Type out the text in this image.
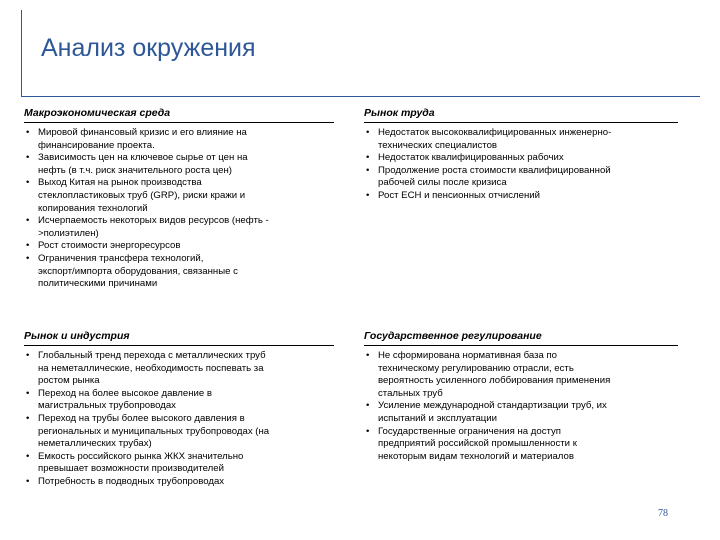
Анализ окружения
Макроэкономическая среда
• Мировой финансовый кризис и его влияние на
финансирование проекта.
• Зависимость цен на ключевое сырье от цен на
нефть (в т.ч. риск значительного роста цен)
• Выход Китая на рынок производства
стеклопластиковых труб (GRP), риски кражи и
копирования технологий
• Исчерпаемость некоторых видов ресурсов (нефть -
>полиэтилен)
• Рост стоимости энергоресурсов
• Ограничения трансфера технологий,
экспорт/импорта оборудования, связанные с
политическими причинами
Рынок труда
• Недостаток высококвалифицированных инженерно-
технических специалистов
• Недостаток квалифицированных рабочих
• Продолжение роста стоимости квалифицированной
рабочей силы после кризиса
• Рост ЕСН и пенсионных отчислений
Рынок и индустрия
• Глобальный тренд перехода с металлических труб
на неметаллические, необходимость поспевать за
ростом рынка
• Переход на более высокое давление в
магистральных трубопроводах
• Переход на трубы более высокого давления в
региональных и муниципальных трубопроводах (на
неметаллических трубах)
• Емкость российского рынка ЖКХ значительно
превышает возможности производителей
• Потребность в подводных трубопроводах
Государственное регулирование
• Не сформирована нормативная база по
техническому регулированию отрасли, есть
вероятность усиленного лоббирования применения
стальных труб
• Усиление международной стандартизации труб, их
испытаний и эксплуатации
• Государственные ограничения на доступ
предприятий российской промышленности к
некоторым видам технологий и материалов
78
